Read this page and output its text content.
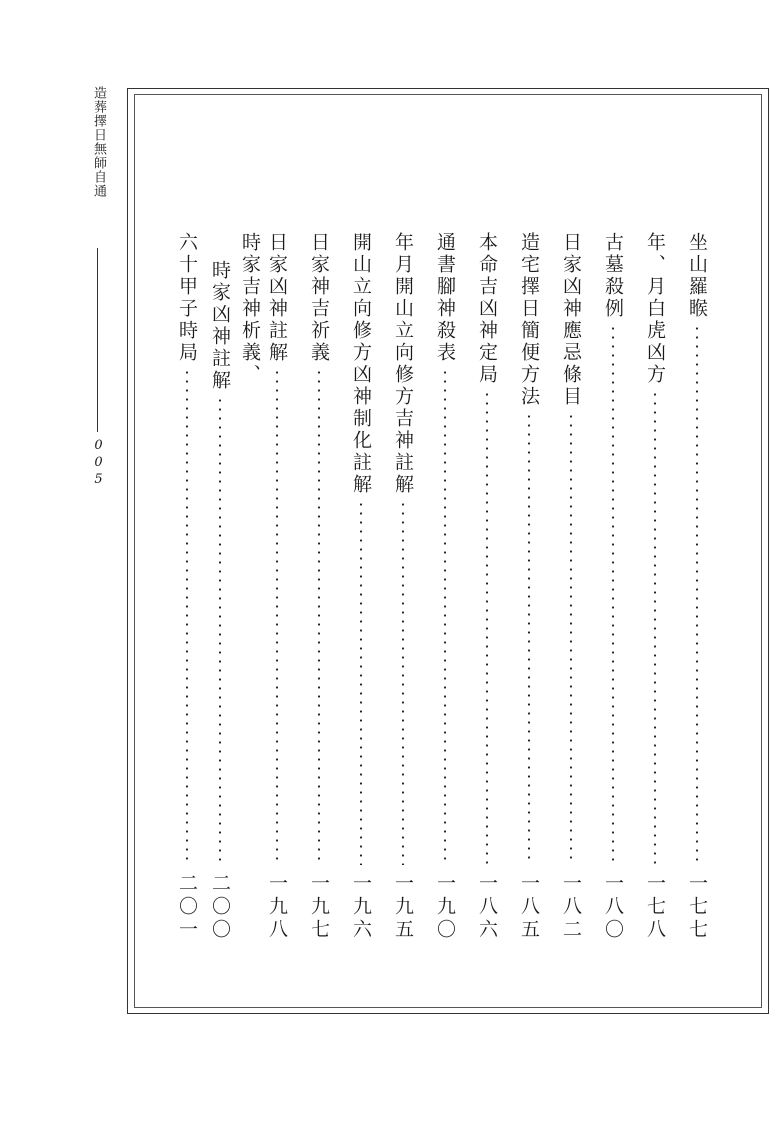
造葬擇日無師自通
005
坐山羅睺
一七七
年、月白虎凶方
一七八
古墓殺例
一八〇
日家凶神應忌條目
一八二
造宅擇日簡便方法
一八五
本命吉凶神定局
一八六
通書腳神殺表
一九〇
年月開山立向修方吉神註解
一九五
開山立向修方凶神制化註解
一九六
日家神吉祈義
一九七
日家凶神註解
一九八
時家吉神析義、
時家凶神註解
二〇〇
六十甲子時局
二〇一
